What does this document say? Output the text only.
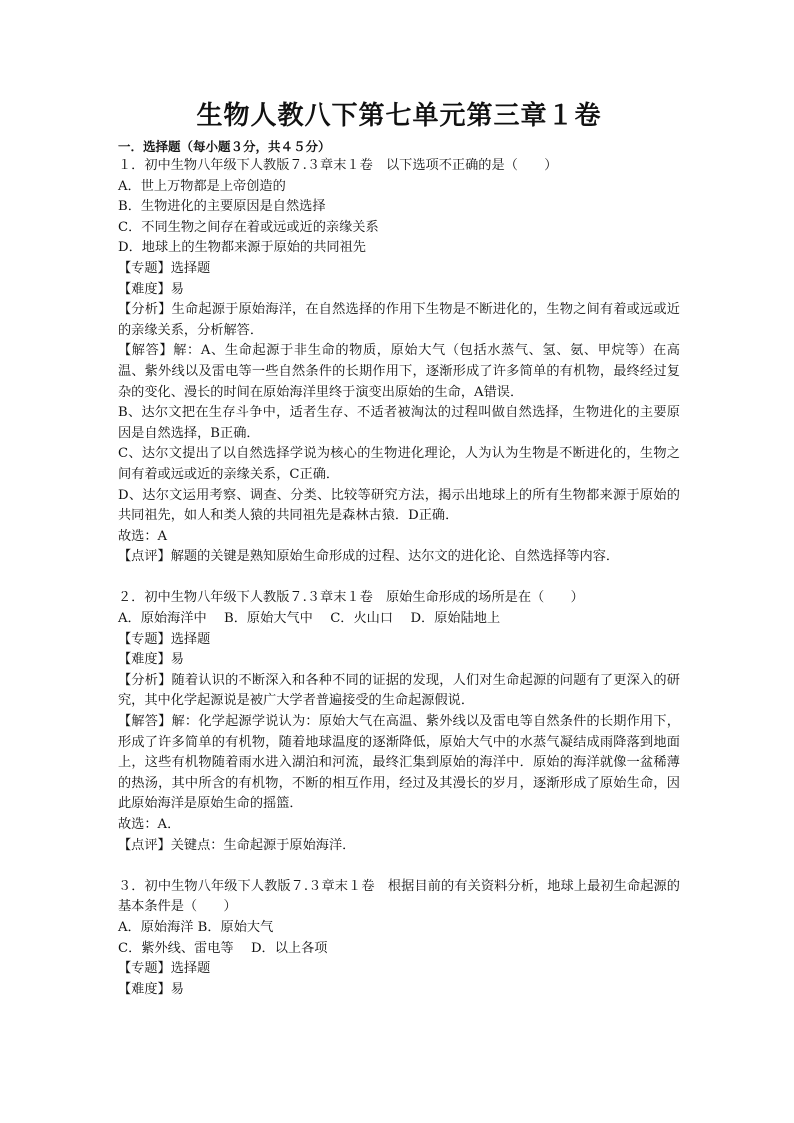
生物人教八下第七单元第三章１卷

一．选择题（每小题３分，共４５分）

１．初中生物八年级下人教版７.３章末１卷　以下选项不正确的是（　　）

A．世上万物都是上帝创造的

B．生物进化的主要原因是自然选择

C．不同生物之间存在着或远或近的亲缘关系

D．地球上的生物都来源于原始的共同祖先

【专题】选择题

【难度】易

【分析】生命起源于原始海洋，在自然选择的作用下生物是不断进化的，生物之间有着或远或近的亲缘关系，分析解答．

【解答】解：A、生命起源于非生命的物质，原始大气（包括水蒸气、氢、氨、甲烷等）在高温、紫外线以及雷电等一些自然条件的长期作用下，逐渐形成了许多简单的有机物，最终经过复杂的变化、漫长的时间在原始海洋里终于演变出原始的生命，A错误．

B、达尔文把在生存斗争中，适者生存、不适者被淘汰的过程叫做自然选择，生物进化的主要原因是自然选择，B正确．

C、达尔文提出了以自然选择学说为核心的生物进化理论，人为认为生物是不断进化的，生物之间有着或远或近的亲缘关系，C正确．

D、达尔文运用考察、调查、分类、比较等研究方法，揭示出地球上的所有生物都来源于原始的共同祖先，如人和类人猿的共同祖先是森林古猿．D正确．

故选：A

【点评】解题的关键是熟知原始生命形成的过程、达尔文的进化论、自然选择等内容．

２．初中生物八年级下人教版７.３章末１卷　原始生命形成的场所是在（　　）

A．原始海洋中　 B．原始大气中　 C．火山口　 D．原始陆地上

【专题】选择题

【难度】易

【分析】随着认识的不断深入和各种不同的证据的发现，人们对生命起源的问题有了更深入的研究，其中化学起源说是被广大学者普遍接受的生命起源假说．

【解答】解：化学起源学说认为：原始大气在高温、紫外线以及雷电等自然条件的长期作用下，形成了许多简单的有机物，随着地球温度的逐渐降低，原始大气中的水蒸气凝结成雨降落到地面上，这些有机物随着雨水进入湖泊和河流，最终汇集到原始的海洋中．原始的海洋就像一盆稀薄的热汤，其中所含的有机物，不断的相互作用，经过及其漫长的岁月，逐渐形成了原始生命，因此原始海洋是原始生命的摇篮．

故选：A．

【点评】关键点：生命起源于原始海洋．

３．初中生物八年级下人教版７.３章末１卷　根据目前的有关资料分析，地球上最初生命起源的基本条件是（　　）

A．原始海洋 B．原始大气

C．紫外线、雷电等　 D．以上各项

【专题】选择题

【难度】易
